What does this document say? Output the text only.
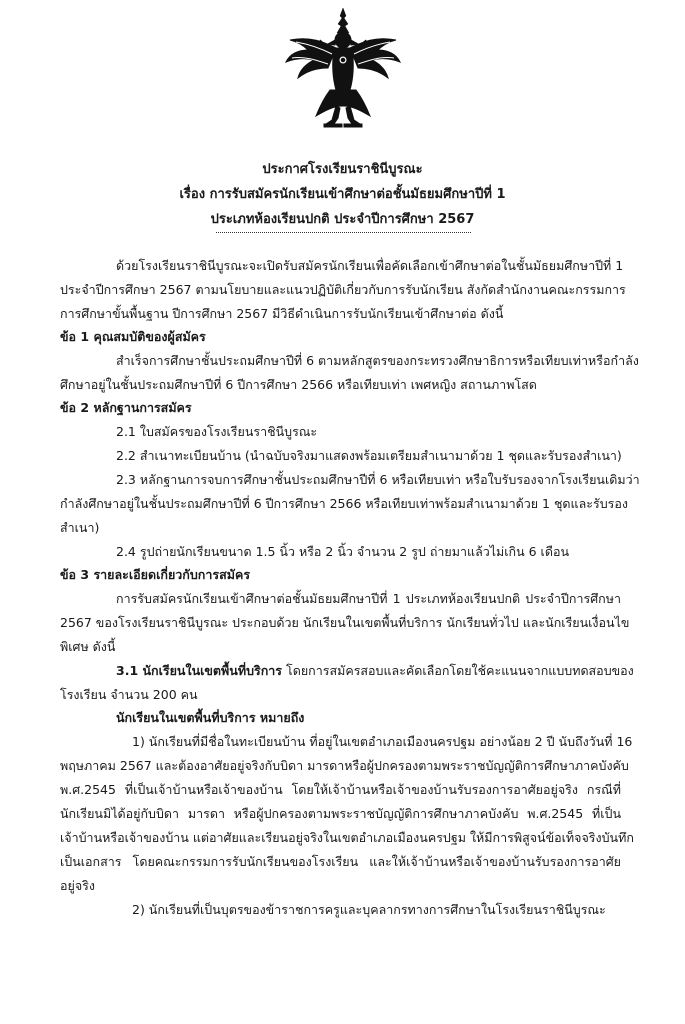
ประกาศโรงเรียนราชินีบูรณะ
เรื่อง การรับสมัครนักเรียนเข้าศึกษาต่อชั้นมัธยมศึกษาปีที่ 1
ประเภทห้องเรียนปกติ ประจำปีการศึกษา 2567
ด้วยโรงเรียนราชินีบูรณะจะเปิดรับสมัครนักเรียนเพื่อคัดเลือกเข้าศึกษาต่อในชั้นมัธยมศึกษาปีที่ 1
ประจำปีการศึกษา 2567 ตามนโยบายและแนวปฏิบัติเกี่ยวกับการรับนักเรียน สังกัดสำนักงานคณะกรรมการ
การศึกษาขั้นพื้นฐาน ปีการศึกษา 2567 มีวิธีดำเนินการรับนักเรียนเข้าศึกษาต่อ ดังนี้
ข้อ 1 คุณสมบัติของผู้สมัคร
สำเร็จการศึกษาชั้นประถมศึกษาปีที่ 6 ตามหลักสูตรของกระทรวงศึกษาธิการหรือเทียบเท่าหรือกำลัง
ศึกษาอยู่ในชั้นประถมศึกษาปีที่ 6 ปีการศึกษา 2566 หรือเทียบเท่า เพศหญิง สถานภาพโสด
ข้อ 2 หลักฐานการสมัคร
2.1 ใบสมัครของโรงเรียนราชินีบูรณะ
2.2 สำเนาทะเบียนบ้าน (นำฉบับจริงมาแสดงพร้อมเตรียมสำเนามาด้วย 1 ชุดและรับรองสำเนา)
2.3 หลักฐานการจบการศึกษาชั้นประถมศึกษาปีที่ 6 หรือเทียบเท่า หรือใบรับรองจากโรงเรียนเดิมว่า
กำลังศึกษาอยู่ในชั้นประถมศึกษาปีที่ 6 ปีการศึกษา 2566 หรือเทียบเท่าพร้อมสำเนามาด้วย 1 ชุดและรับรอง
สำเนา)
2.4 รูปถ่ายนักเรียนขนาด 1.5 นิ้ว หรือ 2 นิ้ว จำนวน 2 รูป ถ่ายมาแล้วไม่เกิน 6 เดือน
ข้อ 3 รายละเอียดเกี่ยวกับการสมัคร
การรับสมัครนักเรียนเข้าศึกษาต่อชั้นมัธยมศึกษาปีที่ 1 ประเภทห้องเรียนปกติ ประจำปีการศึกษา
2567 ของโรงเรียนราชินีบูรณะ ประกอบด้วย นักเรียนในเขตพื้นที่บริการ นักเรียนทั่วไป และนักเรียนเงื่อนไข
พิเศษ ดังนี้
3.1 นักเรียนในเขตพื้นที่บริการ โดยการสมัครสอบและคัดเลือกโดยใช้คะแนนจากแบบทดสอบของ
โรงเรียน จำนวน 200 คน
นักเรียนในเขตพื้นที่บริการ หมายถึง
1) นักเรียนที่มีชื่อในทะเบียนบ้าน ที่อยู่ในเขตอำเภอเมืองนครปฐม อย่างน้อย 2 ปี นับถึงวันที่ 16
พฤษภาคม 2567 และต้องอาศัยอยู่จริงกับบิดา มารดาหรือผู้ปกครองตามพระราชบัญญัติการศึกษาภาคบังคับ
พ.ศ.2545 ที่เป็นเจ้าบ้านหรือเจ้าของบ้าน โดยให้เจ้าบ้านหรือเจ้าของบ้านรับรองการอาศัยอยู่จริง กรณีที่
นักเรียนมิได้อยู่กับบิดา มารดา หรือผู้ปกครองตามพระราชบัญญัติการศึกษาภาคบังคับ พ.ศ.2545 ที่เป็น
เจ้าบ้านหรือเจ้าของบ้าน แต่อาศัยและเรียนอยู่จริงในเขตอำเภอเมืองนครปฐม ให้มีการพิสูจน์ข้อเท็จจริงบันทึก
เป็นเอกสาร โดยคณะกรรมการรับนักเรียนของโรงเรียน และให้เจ้าบ้านหรือเจ้าของบ้านรับรองการอาศัย
อยู่จริง
2) นักเรียนที่เป็นบุตรของข้าราชการครูและบุคลากรทางการศึกษาในโรงเรียนราชินีบูรณะ
